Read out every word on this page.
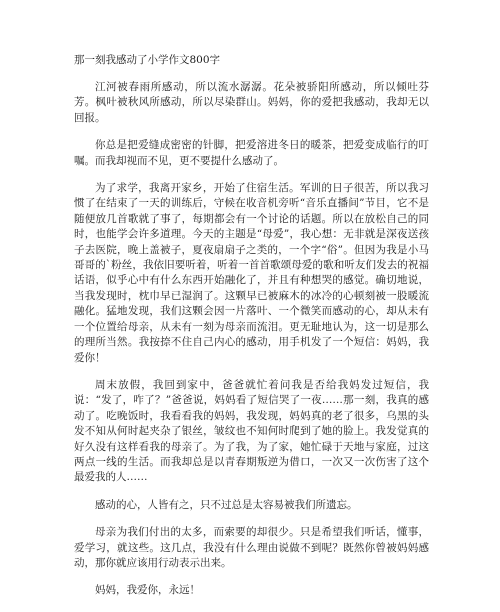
那一刻我感动了小学作文800字

江河被春雨所感动，所以流水潺潺。花朵被骄阳所感动，所以倾吐芬芳。枫叶被秋风所感动，所以尽染群山。妈妈，你的爱把我感动，我却无以回报。

你总是把爱缝成密密的针脚，把爱溶进冬日的暖茶，把爱变成临行的叮嘱。而我却视而不见，更不要提什么感动了。

为了求学，我离开家乡，开始了住宿生活。军训的日子很苦，所以我习惯了在结束了一天的训练后，守候在收音机旁听“音乐直播间”节目，它不是随便放几首歌就了事了，每期都会有一个讨论的话题。所以在放松自己的同时，也能学会许多道理。今天的主题是“母爱”，我心想：无非就是深夜送孩子去医院，晚上盖被子，夏夜扇扇子之类的，一个字“俗”。但因为我是小马哥哥的`粉丝，我依旧要听着，听着一首首歌颂母爱的歌和听友们发去的祝福话语，似乎心中有什么东西开始融化了，并且有种想哭的感觉。确切地说，当我发现时，枕巾早已湿润了。这颗早已被麻木的冰冷的心顿刻被一股暖流融化。猛地发现，我们这颗会因一片落叶、一个微笑而感动的心，却从未有一个位置给母亲，从未有一刻为母亲而流泪。更无耻地认为，这一切是那么的理所当然。我按捺不住自己内心的感动，用手机发了一个短信：妈妈，我爱你！

周末放假，我回到家中，爸爸就忙着问我是否给我妈发过短信，我说：“发了，咋了？”爸爸说，妈妈看了短信哭了一夜……那一刻，我真的感动了。吃晚饭时，我看看我的妈妈，我发现，妈妈真的老了很多，乌黑的头发不知从何时起夹杂了银丝，皱纹也不知何时爬到了她的脸上。我发觉真的好久没有这样看我的母亲了。为了我，为了家，她忙碌于天地与家庭，过这两点一线的生活。而我却总是以青春期叛逆为借口，一次又一次伤害了这个最爱我的人……

感动的心，人皆有之，只不过总是太容易被我们所遗忘。

母亲为我们付出的太多，而索要的却很少。只是希望我们听话，懂事，爱学习，就这些。这几点，我没有什么理由说做不到呢？既然你曾被妈妈感动，那你就应该用行动表示出来。

妈妈，我爱你，永远！
